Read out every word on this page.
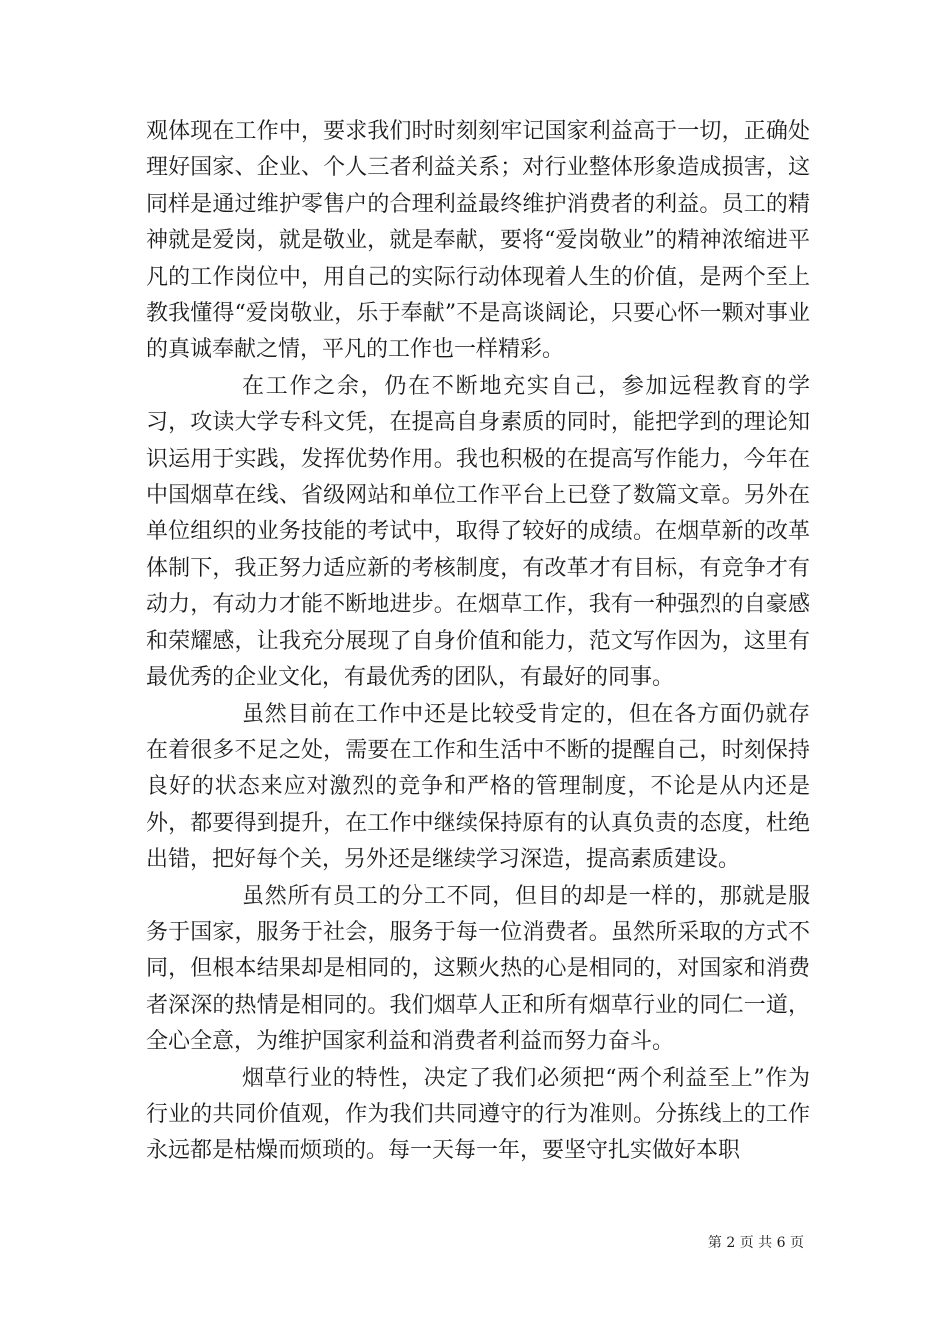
观体现在工作中，要求我们时时刻刻牢记国家利益高于一切，正确处理好国家、企业、个人三者利益关系；对行业整体形象造成损害，这同样是通过维护零售户的合理利益最终维护消费者的利益。员工的精神就是爱岗，就是敬业，就是奉献，要将“爱岗敬业”的精神浓缩进平凡的工作岗位中，用自己的实际行动体现着人生的价值，是两个至上教我懂得“爱岗敬业，乐于奉献”不是高谈阔论，只要心怀一颗对事业的真诚奉献之情，平凡的工作也一样精彩。

在工作之余，仍在不断地充实自己，参加远程教育的学习，攻读大学专科文凭，在提高自身素质的同时，能把学到的理论知识运用于实践，发挥优势作用。我也积极的在提高写作能力，今年在中国烟草在线、省级网站和单位工作平台上已登了数篇文章。另外在单位组织的业务技能的考试中，取得了较好的成绩。在烟草新的改革体制下，我正努力适应新的考核制度，有改革才有目标，有竞争才有动力，有动力才能不断地进步。在烟草工作，我有一种强烈的自豪感和荣耀感，让我充分展现了自身价值和能力，范文写作因为，这里有最优秀的企业文化，有最优秀的团队，有最好的同事。

虽然目前在工作中还是比较受肯定的，但在各方面仍就存在着很多不足之处，需要在工作和生活中不断的提醒自己，时刻保持良好的状态来应对激烈的竞争和严格的管理制度，不论是从内还是外，都要得到提升，在工作中继续保持原有的认真负责的态度，杜绝出错，把好每个关，另外还是继续学习深造，提高素质建设。

虽然所有员工的分工不同，但目的却是一样的，那就是服务于国家，服务于社会，服务于每一位消费者。虽然所采取的方式不同，但根本结果却是相同的，这颗火热的心是相同的，对国家和消费者深深的热情是相同的。我们烟草人正和所有烟草行业的同仁一道，全心全意，为维护国家利益和消费者利益而努力奋斗。

烟草行业的特性，决定了我们必须把“两个利益至上”作为行业的共同价值观，作为我们共同遵守的行为准则。分拣线上的工作永远都是枯燥而烦琐的。每一天每一年，要坚守扎实做好本职

第 2 页 共 6 页
